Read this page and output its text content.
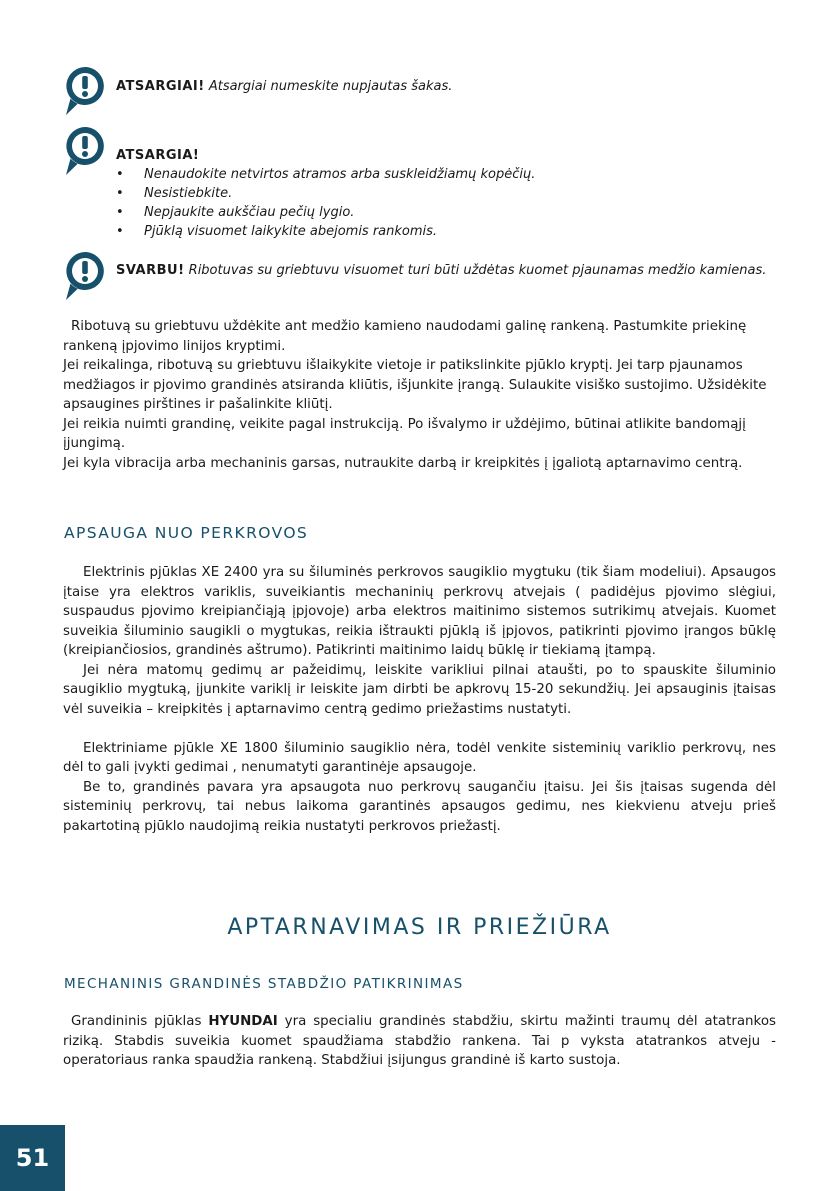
ATSARGIAI! Atsargiai numeskite nupjautas šakas.
ATSARGIA!
• Nenaudokite netvirtos atramos arba suskleidžiamų kopėčių.
• Nesistiebkite.
• Nepjaukite aukščiau pečių lygio.
• Pjūklą visuomet laikykite abejomis rankomis.
SVARBU! Ribotuvas su griebtuvu visuomet turi būti uždėtas kuomet pjaunamas medžio kamienas.

Ribotuvą su griebtuvu uždėkite ant medžio kamieno naudodami galinę rankeną. Pastumkite priekinę rankeną įpjovimo linijos kryptimi.

Jei reikalinga, ribotuvą su griebtuvu išlaikykite vietoje ir patikslinkite pjūklo kryptį. Jei tarp pjaunamos medžiagos ir pjovimo grandinės atsiranda kliūtis, išjunkite įrangą. Sulaukite visiško sustojimo. Užsidėkite apsaugines pirštines ir pašalinkite kliūtį.

Jei reikia nuimti grandinę, veikite pagal instrukciją. Po išvalymo ir uždėjimo, būtinai atlikite bandomąjį įjungimą.

Jei kyla vibracija arba mechaninis garsas, nutraukite darbą ir kreipkitės į įgaliotą aptarnavimo centrą.

APSAUGA NUO PERKROVOS

Elektrinis pjūklas XE 2400 yra su šiluminės perkrovos saugiklio mygtuku (tik šiam modeliui). Apsaugos įtaise yra elektros variklis, suveikiantis mechaninių perkrovų atvejais ( padidėjus pjovimo slėgiui, suspaudus pjovimo kreipiančiąją įpjovoje) arba elektros maitinimo sistemos sutrikimų atvejais. Kuomet suveikia šiluminio saugikli o mygtukas, reikia ištraukti pjūklą iš įpjovos, patikrinti pjovimo įrangos būklę (kreipiančiosios, grandinės aštrumo). Patikrinti maitinimo laidų būklę ir tiekiamą įtampą.

Jei nėra matomų gedimų ar pažeidimų, leiskite varikliui pilnai ataušti, po to spauskite šiluminio saugiklio mygtuką, įjunkite variklį ir leiskite jam dirbti be apkrovų 15-20 sekundžių. Jei apsauginis įtaisas vėl suveikia – kreipkitės į aptarnavimo centrą gedimo priežastims nustatyti.

Elektriniame pjūkle XE 1800 šiluminio saugiklio nėra, todėl venkite sisteminių variklio perkrovų, nes dėl to gali įvykti gedimai , nenumatyti garantinėje apsaugoje.

Be to, grandinės pavara yra apsaugota nuo perkrovų saugančiu įtaisu. Jei šis įtaisas sugenda dėl sisteminių perkrovų, tai nebus laikoma garantinės apsaugos gedimu, nes kiekvienu atveju prieš pakartotiną pjūklo naudojimą reikia nustatyti perkrovos priežastį.

APTARNAVIMAS IR PRIEŽIŪRA
MECHANINIS GRANDINĖS STABDŽIO PATIKRINIMAS

Grandininis pjūklas HYUNDAI yra specialiu grandinės stabdžiu, skirtu mažinti traumų dėl atatrankos riziką. Stabdis suveikia kuomet spaudžiama stabdžio rankena. Tai p vyksta atatrankos atveju - operatoriaus ranka spaudžia rankeną. Stabdžiui įsijungus grandinė iš karto sustoja.

51
